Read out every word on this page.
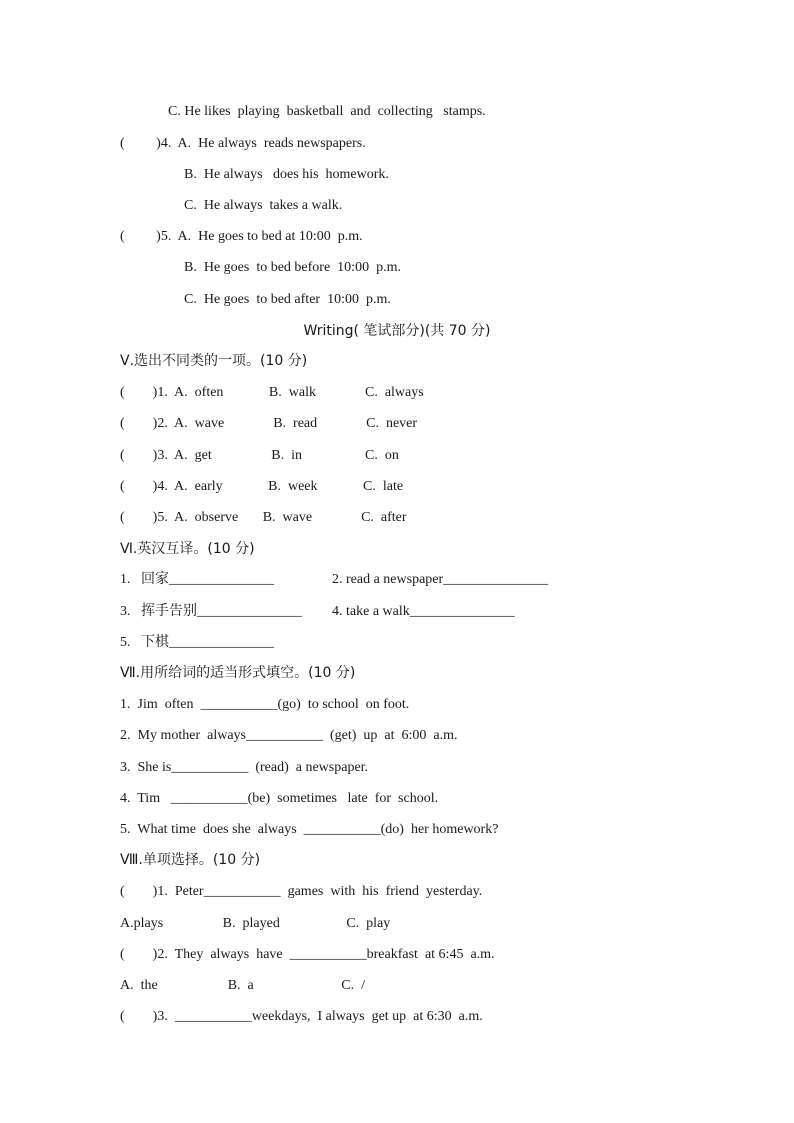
C. He likes  playing  basketball  and  collecting   stamps.
(         )4.  A.  He always  reads newspapers.
B.  He always   does his  homework.
C.  He always  takes a walk.
(         )5.  A.  He goes to bed at 10:00  p.m.
B.  He goes  to bed before  10:00  p.m.
C.  He goes  to bed after  10:00  p.m.
Writing( 笔试部分)(共 70 分)
Ⅴ.选出不同类的一项。(10 分)
(        )1.  A.  often             B.  walk              C.  always
(        )2.  A.  wave              B.  read              C.  never
(        )3.  A.  get                 B.  in                  C.  on
(        )4.  A.  early             B.  week             C.  late
(        )5.  A.  observe       B.  wave              C.  after
Ⅵ.英汉互译。(10 分)
1.   回家_______________	2. read a newspaper_______________
3.   挥手告别_______________ 4. take a walk_______________
5.   下棋_______________
Ⅶ.用所给词的适当形式填空。(10 分)
1.  Jim  often  ___________(go)  to school  on foot.
2.  My mother  always___________  (get)  up  at  6:00  a.m.
3.  She is___________  (read)  a newspaper.
4.  Tim   ___________(be)  sometimes   late  for  school.
5.  What time  does she  always  ___________(do)  her homework?
Ⅷ.单项选择。(10 分)
(        )1.  Peter___________  games  with  his  friend  yesterday.
A.plays                 B.  played                   C.  play
(        )2.  They  always  have  ___________breakfast  at 6:45  a.m.
A.  the                    B.  a                         C.  /
(        )3.  ___________weekdays,  I always  get up  at 6:30  a.m.
